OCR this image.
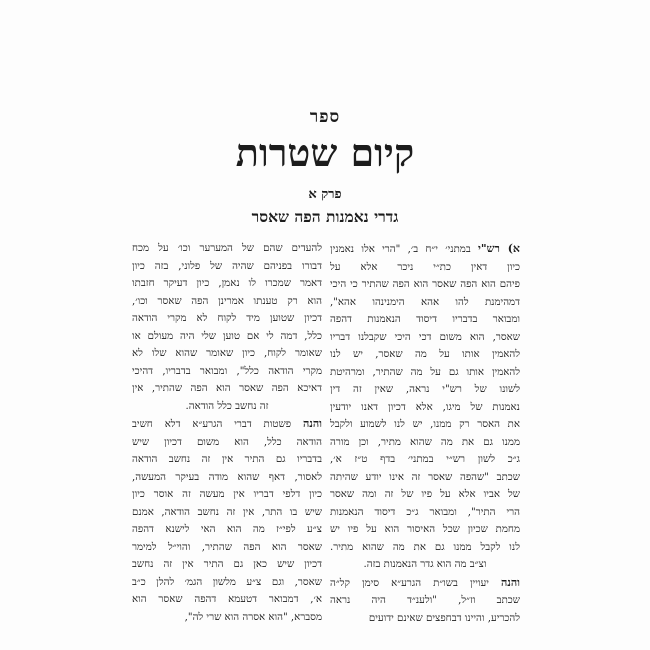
ספר
קיום שטרות
פרק א
גדרי נאמנות הפה שאסר
א) רש"י במתני׳ י״ח ב׳, "הרי אלו נאמנין
כיון דאין כת״י ניכר אלא על
פיהם הוא הפה שאסר הוא הפה שהתיר כי היכי
דמהימנת להו אהא הימנינהו אהא",
ומבואר בדבריו דיסוד הנאמנות דהפה
שאסר, הוא משום דכי היכי שקבלנו דבריו
להאמין אותו על מה שאסר, יש לנו
להאמין אותו גם על מה שהתיר, ומרהיטת
לשונו של רש"י נראה, שאין זה דין
נאמנות של מיגו, אלא דכיון דאנו יודעין
את האסר רק ממנו, יש לנו לשמוע ולקבל
ממנו גם את מה שהוא מתיר, וכן מורה
ג״כ לשון רש״י במתני׳ בדף ט״ז א׳,
שכתב "שהפה שאסר זה אינו יודע שהיתה
של אביו אלא על פיו של זה ומה שאסר
הרי התיר", ומבואר ג״כ דיסוד הנאמנות
מחמת שכיון שכל האיסור הוא על פיו יש
לנו לקבל ממנו גם את מה שהוא מתיר.
וצ״ב מה הוא גדר הנאמנות בזה.
והנה יעויין בשו״ת הגרע״א סימן קל״ה
שכתב וז״ל, "ולענ״ד היה נראה
להכריע, והיינו דבחפצים שאינם ידועים
להעדים שהם של המערער וכו׳ על מכח
דבורו בפניהם שהיה של פלוני, בזה כיון
דאמר שמכרו לו נאמן, כיון דעיקר חזבתו
הוא רק טענתו אמרינן הפה שאסר וכו׳,
דכיון שטוען מיד לקוח לא מקרי הודאה
כלל, דמה לי אם טוען שלי היה מעולם או
שאומר לקוח, כיון שאומר שהוא שלו לא
מקרי הודאה כלל", ומבואר בדבריו, דהיכי
דאיכא הפה שאסר הוא הפה שהתיר, אין
זה נחשב כלל הודאה.
והנה פשטות דברי הגרע״א דלא חשיב
הודאה כלל, הוא משום דכיון שיש
בדבריו גם התיר אין זה נחשב הודאה
לאסור, דאף שהוא מודה בעיקר המעשה,
כיון דלפי דבריו אין מעשה זה אוסר כיון
שיש בו התר, אין זה נחשב הודאה, אמנם
צ״ע לפי״ז מה הוא האי לישנא דהפה
שאסר הוא הפה שהתיר, והוי״ל למימר
דכיון שיש כאן גם התיר אין זה נחשב
שאסר, וגם צ״ע מלשון הגמ׳ להלן כ״ב
א׳, דמבואר דטעמא דהפה שאסר הוא
מסברא, "הוא אסרה הוא שרי לה",
